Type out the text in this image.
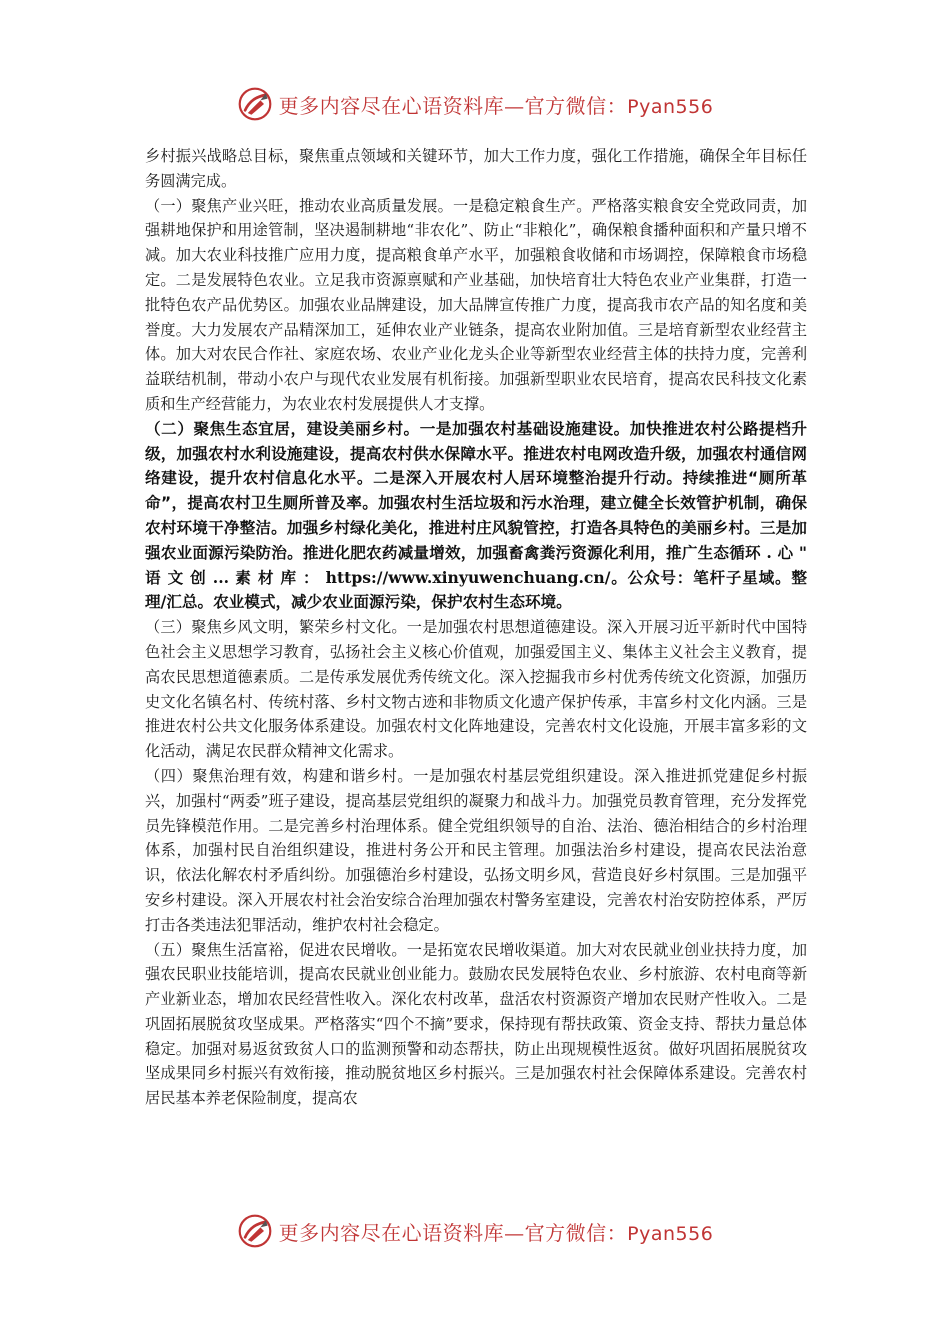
更多内容尽在心语资料库—官方微信：Pyan556

乡村振兴战略总目标，聚焦重点领域和关键环节，加大工作力度，强化工作措施，确保全年目标任务圆满完成。

（一）聚焦产业兴旺，推动农业高质量发展。一是稳定粮食生产。严格落实粮食安全党政同责，加强耕地保护和用途管制，坚决遏制耕地“非农化”、防止“非粮化”，确保粮食播种面积和产量只增不减。加大农业科技推广应用力度，提高粮食单产水平，加强粮食收储和市场调控，保障粮食市场稳定。二是发展特色农业。立足我市资源禀赋和产业基础，加快培育壮大特色农业产业集群，打造一批特色农产品优势区。加强农业品牌建设，加大品牌宣传推广力度，提高我市农产品的知名度和美誉度。大力发展农产品精深加工，延伸农业产业链条，提高农业附加值。三是培育新型农业经营主体。加大对农民合作社、家庭农场、农业产业化龙头企业等新型农业经营主体的扶持力度，完善利益联结机制，带动小农户与现代农业发展有机衔接。加强新型职业农民培育，提高农民科技文化素质和生产经营能力，为农业农村发展提供人才支撑。

（二）聚焦生态宜居，建设美丽乡村。一是加强农村基础设施建设。加快推进农村公路提档升级，加强农村水利设施建设，提高农村供水保障水平。推进农村电网改造升级，加强农村通信网络建设，提升农村信息化水平。二是深入开展农村人居环境整治提升行动。持续推进“厕所革命”，提高农村卫生厕所普及率。加强农村生活垃圾和污水治理，建立健全长效管护机制，确保农村环境干净整洁。加强乡村绿化美化，推进村庄风貌管控，打造各具特色的美丽乡村。三是加强农业面源污染防治。推进化肥农药减量增效，加强畜禽粪污资源化利用，推广生态循环 . 心 " 语 文 创 ... 素 材 库 ： https://www.xinyuwenchuang.cn/。公众号：笔杆子星域。整理/汇总。农业模式，减少农业面源污染，保护农村生态环境。

（三）聚焦乡风文明，繁荣乡村文化。一是加强农村思想道德建设。深入开展习近平新时代中国特色社会主义思想学习教育，弘扬社会主义核心价值观，加强爱国主义、集体主义社会主义教育，提高农民思想道德素质。二是传承发展优秀传统文化。深入挖掘我市乡村优秀传统文化资源，加强历史文化名镇名村、传统村落、乡村文物古迹和非物质文化遗产保护传承，丰富乡村文化内涵。三是推进农村公共文化服务体系建设。加强农村文化阵地建设，完善农村文化设施，开展丰富多彩的文化活动，满足农民群众精神文化需求。

（四）聚焦治理有效，构建和谐乡村。一是加强农村基层党组织建设。深入推进抓党建促乡村振兴，加强村“两委”班子建设，提高基层党组织的凝聚力和战斗力。加强党员教育管理，充分发挥党员先锋模范作用。二是完善乡村治理体系。健全党组织领导的自治、法治、德治相结合的乡村治理体系，加强村民自治组织建设，推进村务公开和民主管理。加强法治乡村建设，提高农民法治意识，依法化解农村矛盾纠纷。加强德治乡村建设，弘扬文明乡风，营造良好乡村氛围。三是加强平安乡村建设。深入开展农村社会治安综合治理加强农村警务室建设，完善农村治安防控体系，严厉打击各类违法犯罪活动，维护农村社会稳定。

（五）聚焦生活富裕，促进农民增收。一是拓宽农民增收渠道。加大对农民就业创业扶持力度，加强农民职业技能培训，提高农民就业创业能力。鼓励农民发展特色农业、乡村旅游、农村电商等新产业新业态，增加农民经营性收入。深化农村改革，盘活农村资源资产增加农民财产性收入。二是巩固拓展脱贫攻坚成果。严格落实“四个不摘”要求，保持现有帮扶政策、资金支持、帮扶力量总体稳定。加强对易返贫致贫人口的监测预警和动态帮扶，防止出现规模性返贫。做好巩固拓展脱贫攻坚成果同乡村振兴有效衔接，推动脱贫地区乡村振兴。三是加强农村社会保障体系建设。完善农村居民基本养老保险制度，提高农

更多内容尽在心语资料库—官方微信：Pyan556
